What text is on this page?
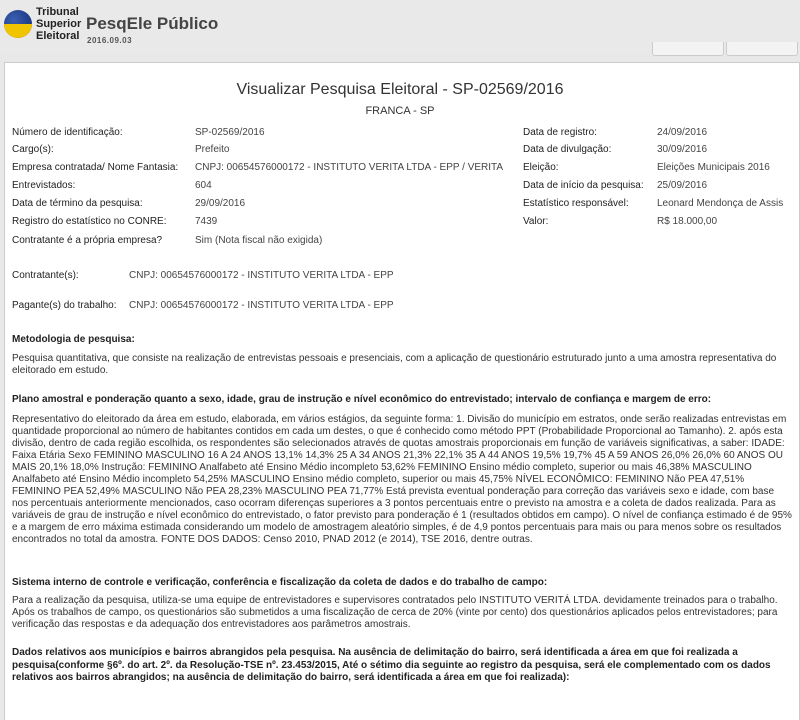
Tribunal
Superior
Eleitoral
PesqEle Público
2016.09.03
Visualizar Pesquisa Eleitoral - SP-02569/2016
FRANCA - SP
Número de identificação:	SP-02569/2016
Cargo(s):	Prefeito
Empresa contratada/ Nome Fantasia: CNPJ: 00654576000172 - INSTITUTO VERITA LTDA - EPP / VERITA
Entrevistados:	604
Data de término da pesquisa:	29/09/2016
Registro do estatístico no CONRE:	7439
Contratante é a própria empresa?	Sim (Nota fiscal não exigida)
Data de registro:	24/09/2016
Data de divulgação:	30/09/2016
Eleição:	Eleições Municipais 2016
Data de início da pesquisa: 25/09/2016
Estatístico responsável:	Leonard Mendonça de Assis
Valor:	R$ 18.000,00
Contratante(s):	CNPJ: 00654576000172 - INSTITUTO VERITA LTDA - EPP
Pagante(s) do trabalho: CNPJ: 00654576000172 - INSTITUTO VERITA LTDA - EPP
Metodologia de pesquisa:
Pesquisa quantitativa, que consiste na realização de entrevistas pessoais e presenciais, com a aplicação de questionário estruturado junto a uma amostra representativa do eleitorado em estudo.
Plano amostral e ponderação quanto a sexo, idade, grau de instrução e nível econômico do entrevistado; intervalo de confiança e margem de erro:
Representativo do eleitorado da área em estudo, elaborada, em vários estágios, da seguinte forma: 1. Divisão do município em estratos, onde serão realizadas entrevistas em quantidade proporcional ao número de habitantes contidos em cada um destes, o que é conhecido como método PPT (Probabilidade Proporcional ao Tamanho). 2. após esta divisão, dentro de cada região escolhida, os respondentes são selecionados através de quotas amostrais proporcionais em função de variáveis significativas, a saber: IDADE: Faixa Etária Sexo FEMININO MASCULINO 16 A 24 ANOS 13,1% 14,3% 25 A 34 ANOS 21,3% 22,1% 35 A 44 ANOS 19,5% 19,7% 45 A 59 ANOS 26,0% 26,0% 60 ANOS OU MAIS 20,1% 18,0% Instrução: FEMININO Analfabeto até Ensino Médio incompleto 53,62% FEMININO Ensino médio completo, superior ou mais 46,38% MASCULINO Analfabeto até Ensino Médio incompleto 54,25% MASCULINO Ensino médio completo, superior ou mais 45,75% NÍVEL ECONÔMICO: FEMININO Não PEA 47,51% FEMININO PEA 52,49% MASCULINO Não PEA 28,23% MASCULINO PEA 71,77% Está prevista eventual ponderação para correção das variáveis sexo e idade, com base nos percentuais anteriormente mencionados, caso ocorram diferenças superiores a 3 pontos percentuais entre o previsto na amostra e a coleta de dados realizada. Para as variáveis de grau de instrução e nível econômico do entrevistado, o fator previsto para ponderação é 1 (resultados obtidos em campo). O nível de confiança estimado é de 95% e a margem de erro máxima estimada considerando um modelo de amostragem aleatório simples, é de 4,9 pontos percentuais para mais ou para menos sobre os resultados encontrados no total da amostra. FONTE DOS DADOS: Censo 2010, PNAD 2012 (e 2014), TSE 2016, dentre outras.
Sistema interno de controle e verificação, conferência e fiscalização da coleta de dados e do trabalho de campo:
Para a realização da pesquisa, utiliza-se uma equipe de entrevistadores e supervisores contratados pelo INSTITUTO VERITÁ LTDA. devidamente treinados para o trabalho. Após os trabalhos de campo, os questionários são submetidos a uma fiscalização de cerca de 20% (vinte por cento) dos questionários aplicados pelos entrevistadores; para verificação das respostas e da adequação dos entrevistadores aos parâmetros amostrais.
Dados relativos aos municípios e bairros abrangidos pela pesquisa. Na ausência de delimitação do bairro, será identificada a área em que foi realizada a pesquisa(conforme §6º. do art. 2º. da Resolução-TSE nº. 23.453/2015, Até o sétimo dia seguinte ao registro da pesquisa, será ele complementado com os dados relativos aos bairros abrangidos; na ausência de delimitação do bairro, será identificada a área em que foi realizada):
